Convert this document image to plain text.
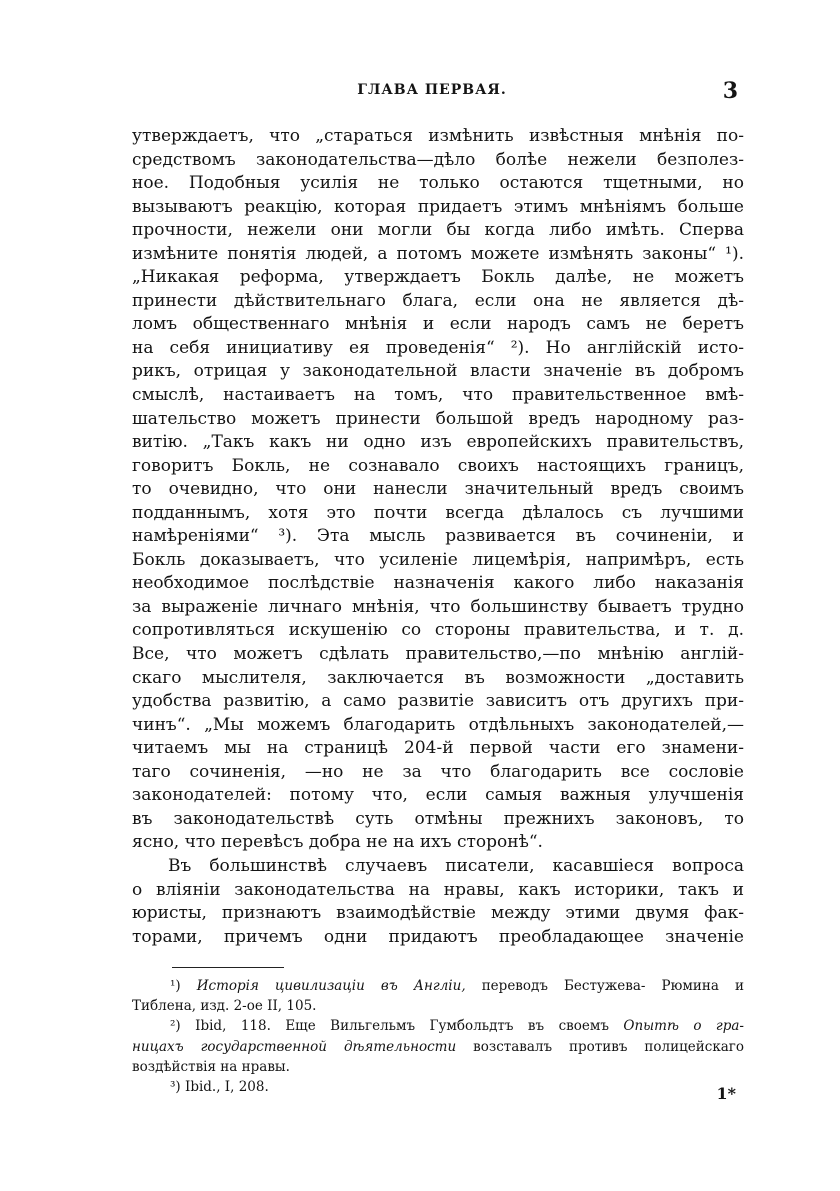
ГЛАВА ПЕРВАЯ.	3
утверждаетъ, что „стараться измѣнить извѣстныя мнѣнія по-
средствомъ законодательства—дѣло болѣе нежели безполез-
ное. Подобныя усилія не только остаются тщетными, но
вызываютъ реакцію, которая придаетъ этимъ мнѣніямъ больше
прочности, нежели они могли бы когда либо имѣть. Сперва
измѣните понятія людей, а потомъ можете измѣнять законы“ ¹).
„Никакая реформа, утверждаетъ Бокль далѣе, не можетъ
принести дѣйствительнаго блага, если она не является дѣ-
ломъ общественнаго мнѣнія и если народъ самъ не беретъ
на себя инициативу ея проведенія“ ²). Но англійскій исто-
рикъ, отрицая у законодательной власти значеніе въ добромъ
смыслѣ, настаиваетъ на томъ, что правительственное вмѣ-
шательство можетъ принести большой вредъ народному раз-
витію. „Такъ какъ ни одно изъ европейскихъ правительствъ,
говоритъ Бокль, не сознавало своихъ настоящихъ границъ,
то очевидно, что они нанесли значительный вредъ своимъ
подданнымъ, хотя это почти всегда дѣлалось съ лучшими
намѣреніями“ ³). Эта мысль развивается въ сочиненіи, и
Бокль доказываетъ, что усиленіе лицемѣрія, напримѣръ, есть
необходимое послѣдствіе назначенія какого либо наказанія
за выраженіе личнаго мнѣнія, что большинству бываетъ трудно
сопротивляться искушенію со стороны правительства, и т. д.
Все, что можетъ сдѣлать правительство,—по мнѣнію англій-
скаго мыслителя, заключается въ возможности „доставить
удобства развитію, а само развитіе зависитъ отъ другихъ при-
чинъ“. „Мы можемъ благодарить отдѣльныхъ законодателей,—
читаемъ мы на страницѣ 204-й первой части его знамени-
таго сочиненія, —но не за что благодарить все сословіе
законодателей: потому что, если самыя важныя улучшенія
въ законодательствѣ суть отмѣны прежнихъ законовъ, то
ясно, что перевѣсъ добра не на ихъ сторонѣ“.
Въ большинствѣ случаевъ писатели, касавшіеся вопроса
о вліяніи законодательства на нравы, какъ историки, такъ и
юристы, признаютъ взаимодѣйствіе между этими двумя фак-
торами, причемъ одни придаютъ преобладающее значеніе
¹) Исторія цивилизаціи въ Англіи, переводъ Бестужева- Рюмина и
Тиблена, изд. 2-ое II, 105.
²) Ibid, 118. Еще Вильгельмъ Гумбольдтъ въ своемъ Опытѣ о гра-
ницахъ государственной дѣятельности возставалъ противъ полицейскаго
воздѣйствія на нравы.
³) Ibid., I, 208.	1*
